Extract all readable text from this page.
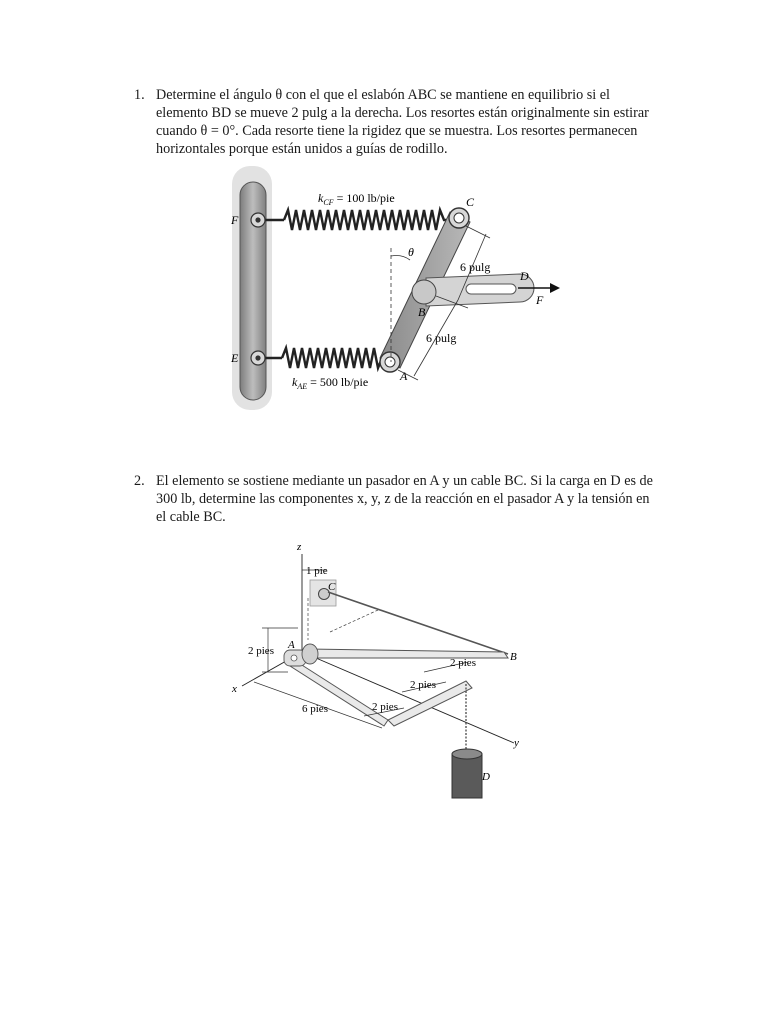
1. Determine el ángulo θ con el que el eslabón ABC se mantiene en equilibrio si el elemento BD se mueve 2 pulg a la derecha. Los resortes están originalmente sin estirar cuando θ = 0°. Cada resorte tiene la rigidez que se muestra. Los resortes permanecen horizontales porque están unidos a guías de rodillo.
$k_{CF} = 100$ lb/pie
$k_{AE} = 500$ lb/pie
F
E
C
B
A
D
F
θ
6 pulg
6 pulg
2. El elemento se sostiene mediante un pasador en A y un cable BC. Si la carga en D es de 300 lb, determine las componentes x, y, z de la reacción en el pasador A y la tensión en el cable BC.
z
x
y
1 pie
C
A
B
D
2 pies
2 pies
2 pies
2 pies
6 pies
